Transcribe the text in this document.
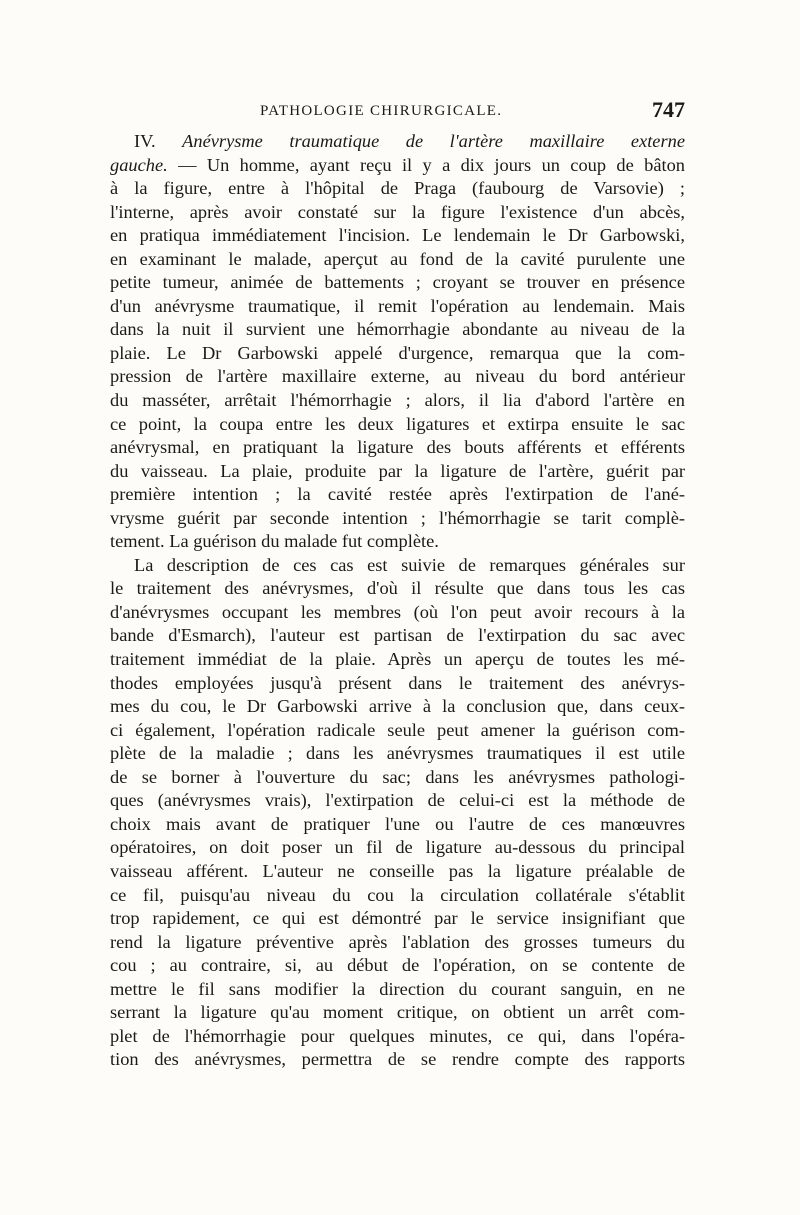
PATHOLOGIE CHIRURGICALE.	747
IV. Anévrysme traumatique de l'artère maxillaire externe
gauche. — Un homme, ayant reçu il y a dix jours un coup de bâton
à la figure, entre à l'hôpital de Praga (faubourg de Varsovie) ;
l'interne, après avoir constaté sur la figure l'existence d'un abcès,
en pratiqua immédiatement l'incision. Le lendemain le Dr Garbowski,
en examinant le malade, aperçut au fond de la cavité purulente une
petite tumeur, animée de battements ; croyant se trouver en présence
d'un anévrysme traumatique, il remit l'opération au lendemain. Mais
dans la nuit il survient une hémorrhagie abondante au niveau de la
plaie. Le Dr Garbowski appelé d'urgence, remarqua que la com-
pression de l'artère maxillaire externe, au niveau du bord antérieur
du masséter, arrêtait l'hémorrhagie ; alors, il lia d'abord l'artère en
ce point, la coupa entre les deux ligatures et extirpa ensuite le sac
anévrysmal, en pratiquant la ligature des bouts afférents et efférents
du vaisseau. La plaie, produite par la ligature de l'artère, guérit par
première intention ; la cavité restée après l'extirpation de l'ané-
vrysme guérit par seconde intention ; l'hémorrhagie se tarit complè-
tement. La guérison du malade fut complète.
La description de ces cas est suivie de remarques générales sur
le traitement des anévrysmes, d'où il résulte que dans tous les cas
d'anévrysmes occupant les membres (où l'on peut avoir recours à la
bande d'Esmarch), l'auteur est partisan de l'extirpation du sac avec
traitement immédiat de la plaie. Après un aperçu de toutes les mé-
thodes employées jusqu'à présent dans le traitement des anévrys-
mes du cou, le Dr Garbowski arrive à la conclusion que, dans ceux-
ci également, l'opération radicale seule peut amener la guérison com-
plète de la maladie ; dans les anévrysmes traumatiques il est utile
de se borner à l'ouverture du sac; dans les anévrysmes pathologi-
ques (anévrysmes vrais), l'extirpation de celui-ci est la méthode de
choix mais avant de pratiquer l'une ou l'autre de ces manœuvres
opératoires, on doit poser un fil de ligature au-dessous du principal
vaisseau afférent. L'auteur ne conseille pas la ligature préalable de
ce fil, puisqu'au niveau du cou la circulation collatérale s'établit
trop rapidement, ce qui est démontré par le service insignifiant que
rend la ligature préventive après l'ablation des grosses tumeurs du
cou ; au contraire, si, au début de l'opération, on se contente de
mettre le fil sans modifier la direction du courant sanguin, en ne
serrant la ligature qu'au moment critique, on obtient un arrêt com-
plet de l'hémorrhagie pour quelques minutes, ce qui, dans l'opéra-
tion des anévrysmes, permettra de se rendre compte des rapports
